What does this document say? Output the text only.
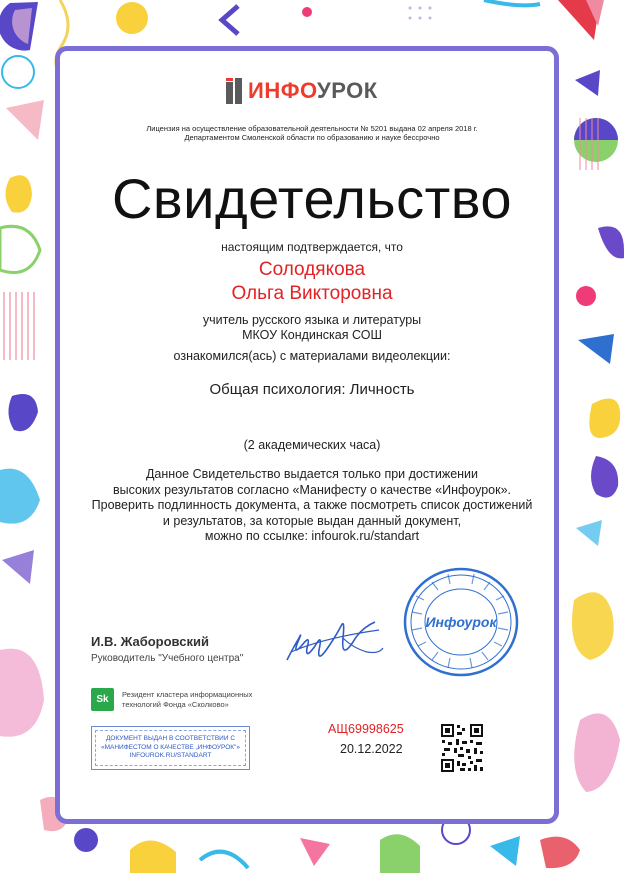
ИНФОУРОК
Лицензия на осуществление образовательной деятельности № 5201 выдана 02 апреля 2018 г.
Департаментом Смоленской области по образованию и науке бессрочно
Свидетельство
настоящим подтверждается, что
Солодякова
Ольга Викторовна
учитель русского языка и литературы
МКОУ Кондинская СОШ
ознакомился(ась) с материалами видеолекции:
Общая психология: Личность
(2 академических часа)
Данное Свидетельство выдается только при достижении
высоких результатов согласно «Манифесту о качестве «Инфоурок».
Проверить подлинность документа, а также посмотреть список достижений
и результатов, за которые выдан данный документ,
можно по ссылке: infourok.ru/standart
Инфоурок
И.В. Жаборовский
Руководитель "Учебного центра"
Sk	Резидент кластера информационных
технологий Фонда «Сколково»
ДОКУМЕНТ ВЫДАН В СООТВЕТСТВИИ С
«МАНИФЕСТОМ О КАЧЕСТВЕ „ИНФОУРОК"»
INFOUROK.RU/STANDART
АЩ69998625
20.12.2022
